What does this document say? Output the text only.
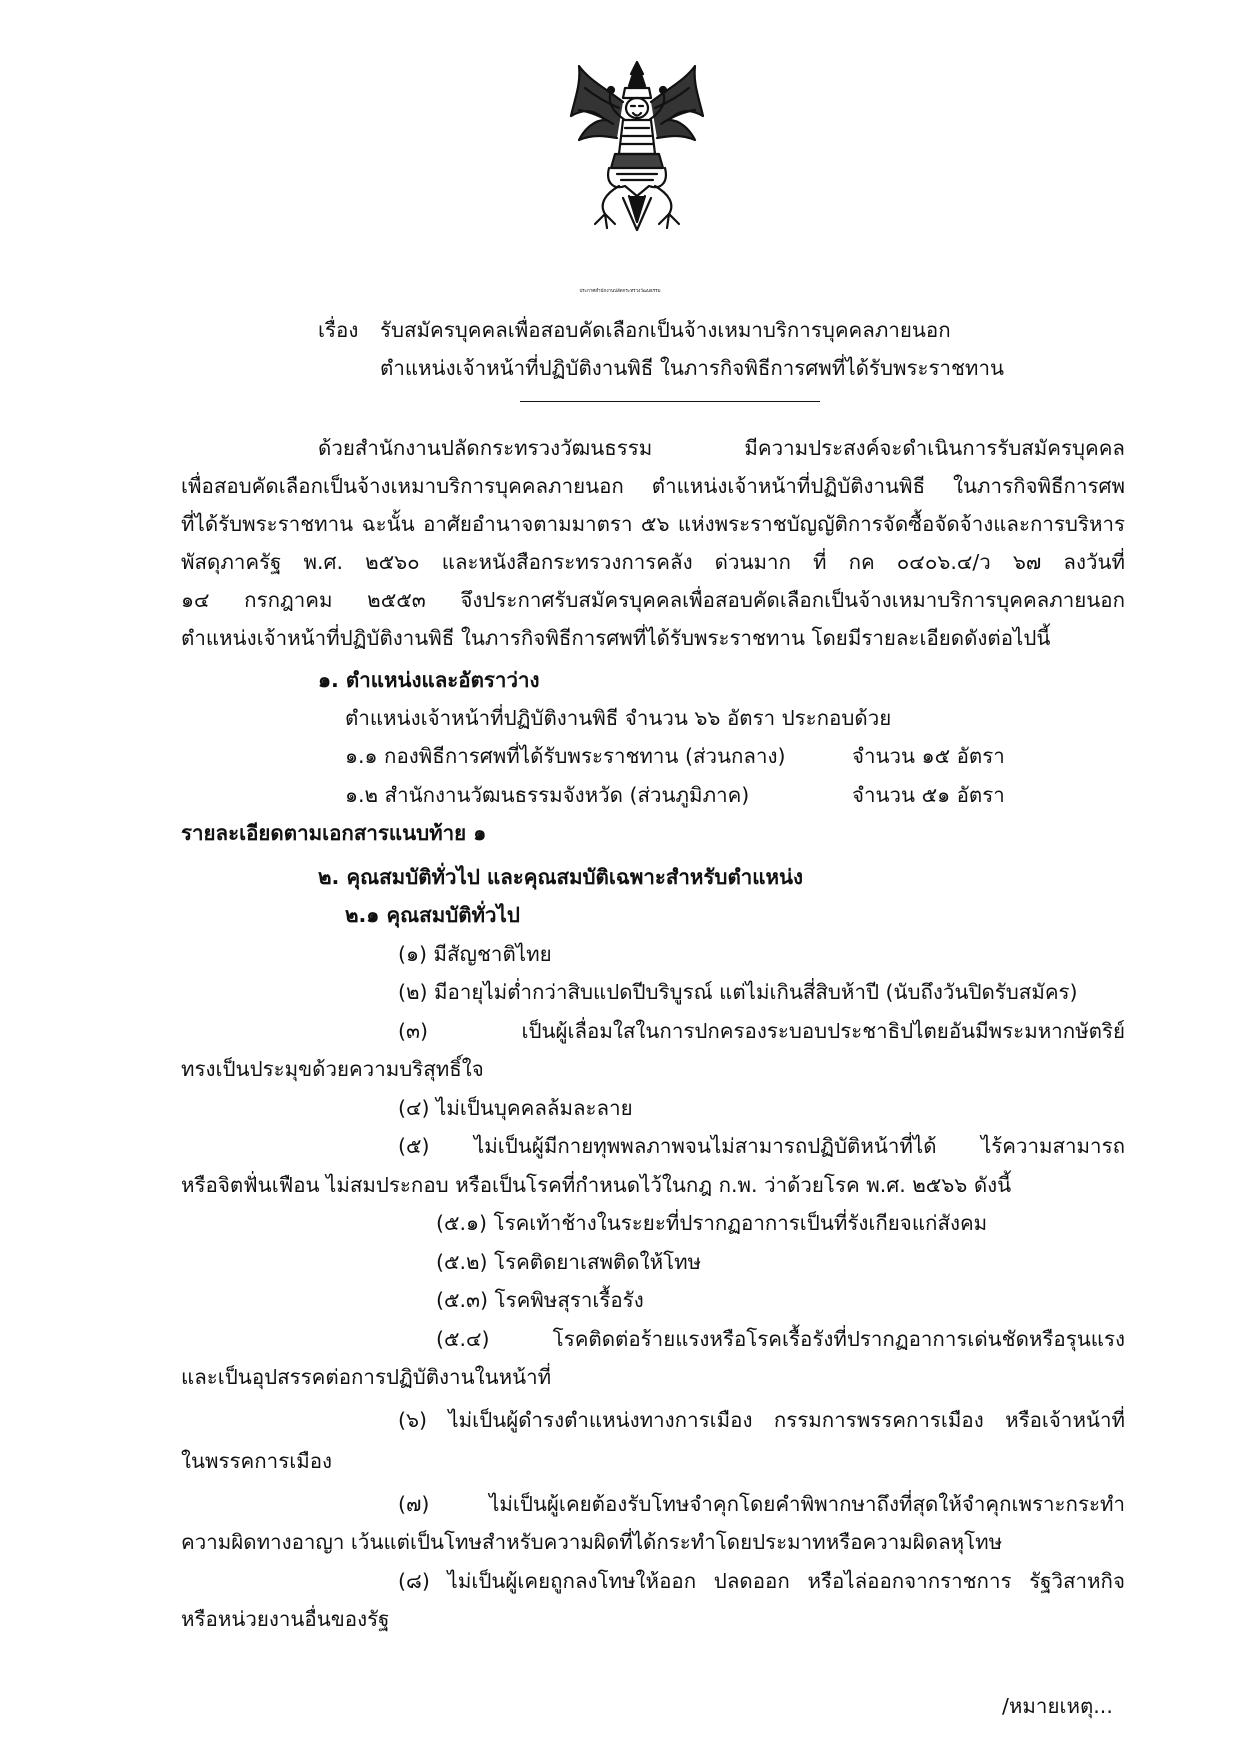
ประกาศสำนักงานปลัดกระทรวงวัฒนธรรม
เรื่อง รับสมัครบุคคลเพื่อสอบคัดเลือกเป็นจ้างเหมาบริการบุคคลภายนอก
ตำแหน่งเจ้าหน้าที่ปฏิบัติงานพิธี ในภารกิจพิธีการศพที่ได้รับพระราชทาน
ด้วยสำนักงานปลัดกระทรวงวัฒนธรรม มีความประสงค์จะดำเนินการรับสมัครบุคคล
เพื่อสอบคัดเลือกเป็นจ้างเหมาบริการบุคคลภายนอก ตำแหน่งเจ้าหน้าที่ปฏิบัติงานพิธี ในภารกิจพิธีการศพ
ที่ได้รับพระราชทาน ฉะนั้น อาศัยอำนาจตามมาตรา ๕๖ แห่งพระราชบัญญัติการจัดซื้อจัดจ้างและการบริหาร
พัสดุภาครัฐ พ.ศ. ๒๕๖๐ และหนังสือกระทรวงการคลัง ด่วนมาก ที่ กค ๐๔๐๖.๔/ว ๖๗ ลงวันที่
๑๔ กรกฎาคม ๒๕๕๓ จึงประกาศรับสมัครบุคคลเพื่อสอบคัดเลือกเป็นจ้างเหมาบริการบุคคลภายนอก
ตำแหน่งเจ้าหน้าที่ปฏิบัติงานพิธี ในภารกิจพิธีการศพที่ได้รับพระราชทาน โดยมีรายละเอียดดังต่อไปนี้
๑. ตำแหน่งและอัตราว่าง
ตำแหน่งเจ้าหน้าที่ปฏิบัติงานพิธี จำนวน ๖๖ อัตรา ประกอบด้วย
๑.๑ กองพิธีการศพที่ได้รับพระราชทาน (ส่วนกลาง)	จำนวน ๑๕ อัตรา
๑.๒ สำนักงานวัฒนธรรมจังหวัด (ส่วนภูมิภาค)	จำนวน ๕๑ อัตรา
รายละเอียดตามเอกสารแนบท้าย ๑
๒. คุณสมบัติทั่วไป และคุณสมบัติเฉพาะสำหรับตำแหน่ง
๒.๑ คุณสมบัติทั่วไป
(๑) มีสัญชาติไทย
(๒) มีอายุไม่ต่ำกว่าสิบแปดปีบริบูรณ์ แต่ไม่เกินสี่สิบห้าปี (นับถึงวันปิดรับสมัคร)
(๓) เป็นผู้เลื่อมใสในการปกครองระบอบประชาธิปไตยอันมีพระมหากษัตริย์
ทรงเป็นประมุขด้วยความบริสุทธิ์ใจ
(๔) ไม่เป็นบุคคลล้มละลาย
(๕) ไม่เป็นผู้มีกายทุพพลภาพจนไม่สามารถปฏิบัติหน้าที่ได้ ไร้ความสามารถ
หรือจิตฟั่นเฟือน ไม่สมประกอบ หรือเป็นโรคที่กำหนดไว้ในกฎ ก.พ. ว่าด้วยโรค พ.ศ. ๒๕๖๖ ดังนี้
(๕.๑) โรคเท้าช้างในระยะที่ปรากฏอาการเป็นที่รังเกียจแก่สังคม
(๕.๒) โรคติดยาเสพติดให้โทษ
(๕.๓) โรคพิษสุราเรื้อรัง
(๕.๔) โรคติดต่อร้ายแรงหรือโรคเรื้อรังที่ปรากฏอาการเด่นชัดหรือรุนแรง
และเป็นอุปสรรคต่อการปฏิบัติงานในหน้าที่
(๖) ไม่เป็นผู้ดำรงตำแหน่งทางการเมือง กรรมการพรรคการเมือง หรือเจ้าหน้าที่
ในพรรคการเมือง
(๗) ไม่เป็นผู้เคยต้องรับโทษจำคุกโดยคำพิพากษาถึงที่สุดให้จำคุกเพราะกระทำ
ความผิดทางอาญา เว้นแต่เป็นโทษสำหรับความผิดที่ได้กระทำโดยประมาทหรือความผิดลหุโทษ
(๘) ไม่เป็นผู้เคยถูกลงโทษให้ออก ปลดออก หรือไล่ออกจากราชการ รัฐวิสาหกิจ
หรือหน่วยงานอื่นของรัฐ
/หมายเหตุ...
